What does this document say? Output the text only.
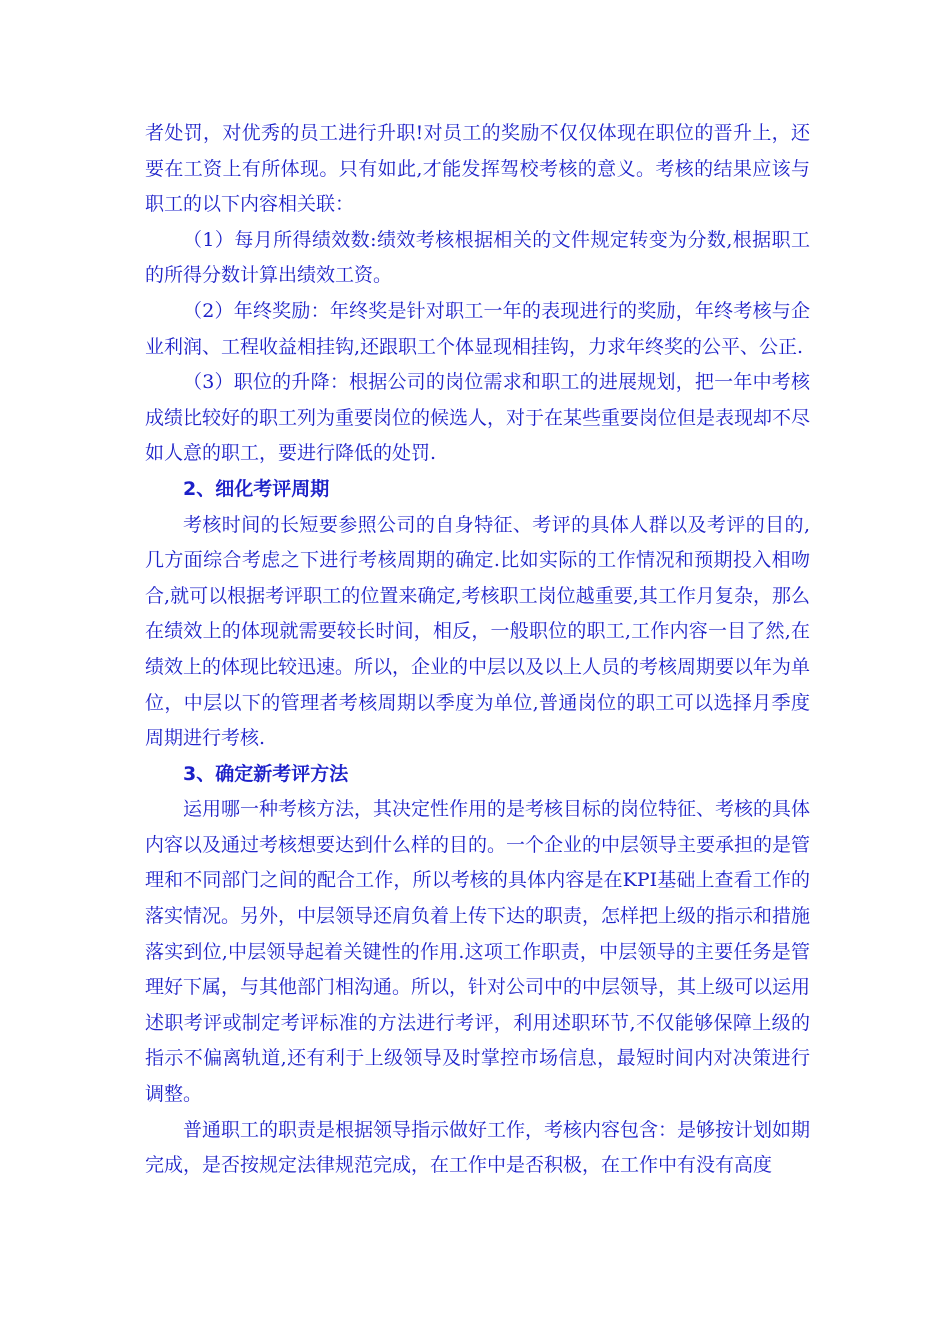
者处罚，对优秀的员工进行升职!对员工的奖励不仅仅体现在职位的晋升上，还要在工资上有所体现。只有如此,才能发挥驾校考核的意义。考核的结果应该与职工的以下内容相关联：

（1）每月所得绩效数:绩效考核根据相关的文件规定转变为分数,根据职工的所得分数计算出绩效工资。

（2）年终奖励：年终奖是针对职工一年的表现进行的奖励，年终考核与企业利润、工程收益相挂钩,还跟职工个体显现相挂钩，力求年终奖的公平、公正.

（3）职位的升降：根据公司的岗位需求和职工的进展规划，把一年中考核成绩比较好的职工列为重要岗位的候选人，对于在某些重要岗位但是表现却不尽如人意的职工，要进行降低的处罚.

2、细化考评周期

考核时间的长短要参照公司的自身特征、考评的具体人群以及考评的目的,几方面综合考虑之下进行考核周期的确定.比如实际的工作情况和预期投入相吻合,就可以根据考评职工的位置来确定,考核职工岗位越重要,其工作月复杂，那么在绩效上的体现就需要较长时间，相反，一般职位的职工,工作内容一目了然,在绩效上的体现比较迅速。所以，企业的中层以及以上人员的考核周期要以年为单位，中层以下的管理者考核周期以季度为单位,普通岗位的职工可以选择月季度周期进行考核.

3、确定新考评方法

运用哪一种考核方法，其决定性作用的是考核目标的岗位特征、考核的具体内容以及通过考核想要达到什么样的目的。一个企业的中层领导主要承担的是管理和不同部门之间的配合工作，所以考核的具体内容是在KPI基础上查看工作的落实情况。另外，中层领导还肩负着上传下达的职责，怎样把上级的指示和措施落实到位,中层领导起着关键性的作用.这项工作职责，中层领导的主要任务是管理好下属，与其他部门相沟通。所以，针对公司中的中层领导，其上级可以运用述职考评或制定考评标准的方法进行考评，利用述职环节,不仅能够保障上级的指示不偏离轨道,还有利于上级领导及时掌控市场信息，最短时间内对决策进行调整。

普通职工的职责是根据领导指示做好工作，考核内容包含：是够按计划如期完成，是否按规定法律规范完成，在工作中是否积极，在工作中有没有高度
